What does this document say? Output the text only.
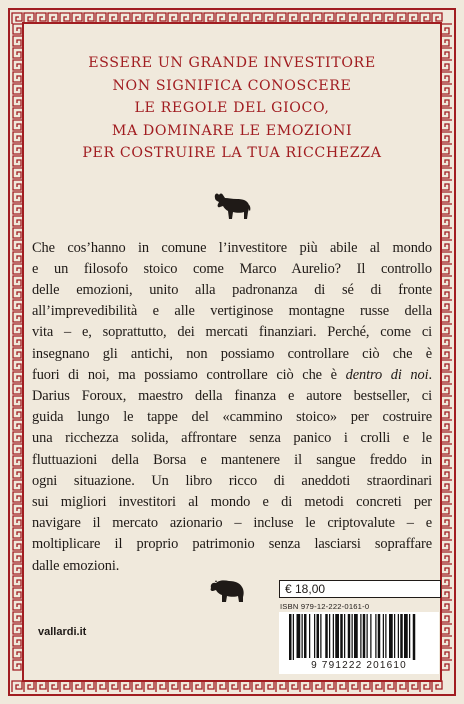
ESSERE UN GRANDE INVESTITORE
NON SIGNIFICA CONOSCERE
LE REGOLE DEL GIOCO,
MA DOMINARE LE EMOZIONI
PER COSTRUIRE LA TUA RICCHEZZA
Che cos’hanno in comune l’investitore più abile al mondo
e un filosofo stoico come Marco Aurelio? Il controllo
delle emozioni, unito alla padronanza di sé di fronte
all’imprevedibilità e alle vertiginose montagne russe della
vita – e, soprattutto, dei mercati finanziari. Perché, come ci
insegnano gli antichi, non possiamo controllare ciò che è
fuori di noi, ma possiamo controllare ciò che è dentro di noi.
Darius Foroux, maestro della finanza e autore bestseller, ci
guida lungo le tappe del «cammino stoico» per costruire
una ricchezza solida, affrontare senza panico i crolli e le
fluttuazioni della Borsa e mantenere il sangue freddo in
ogni situazione. Un libro ricco di aneddoti straordinari
sui migliori investitori al mondo e di metodi concreti per
navigare il mercato azionario – incluse le criptovalute – e
moltiplicare il proprio patrimonio senza lasciarsi sopraffare
dalle emozioni.
€ 18,00
ISBN 979-12-222-0161-0
9 791222 201610
vallardi.it
